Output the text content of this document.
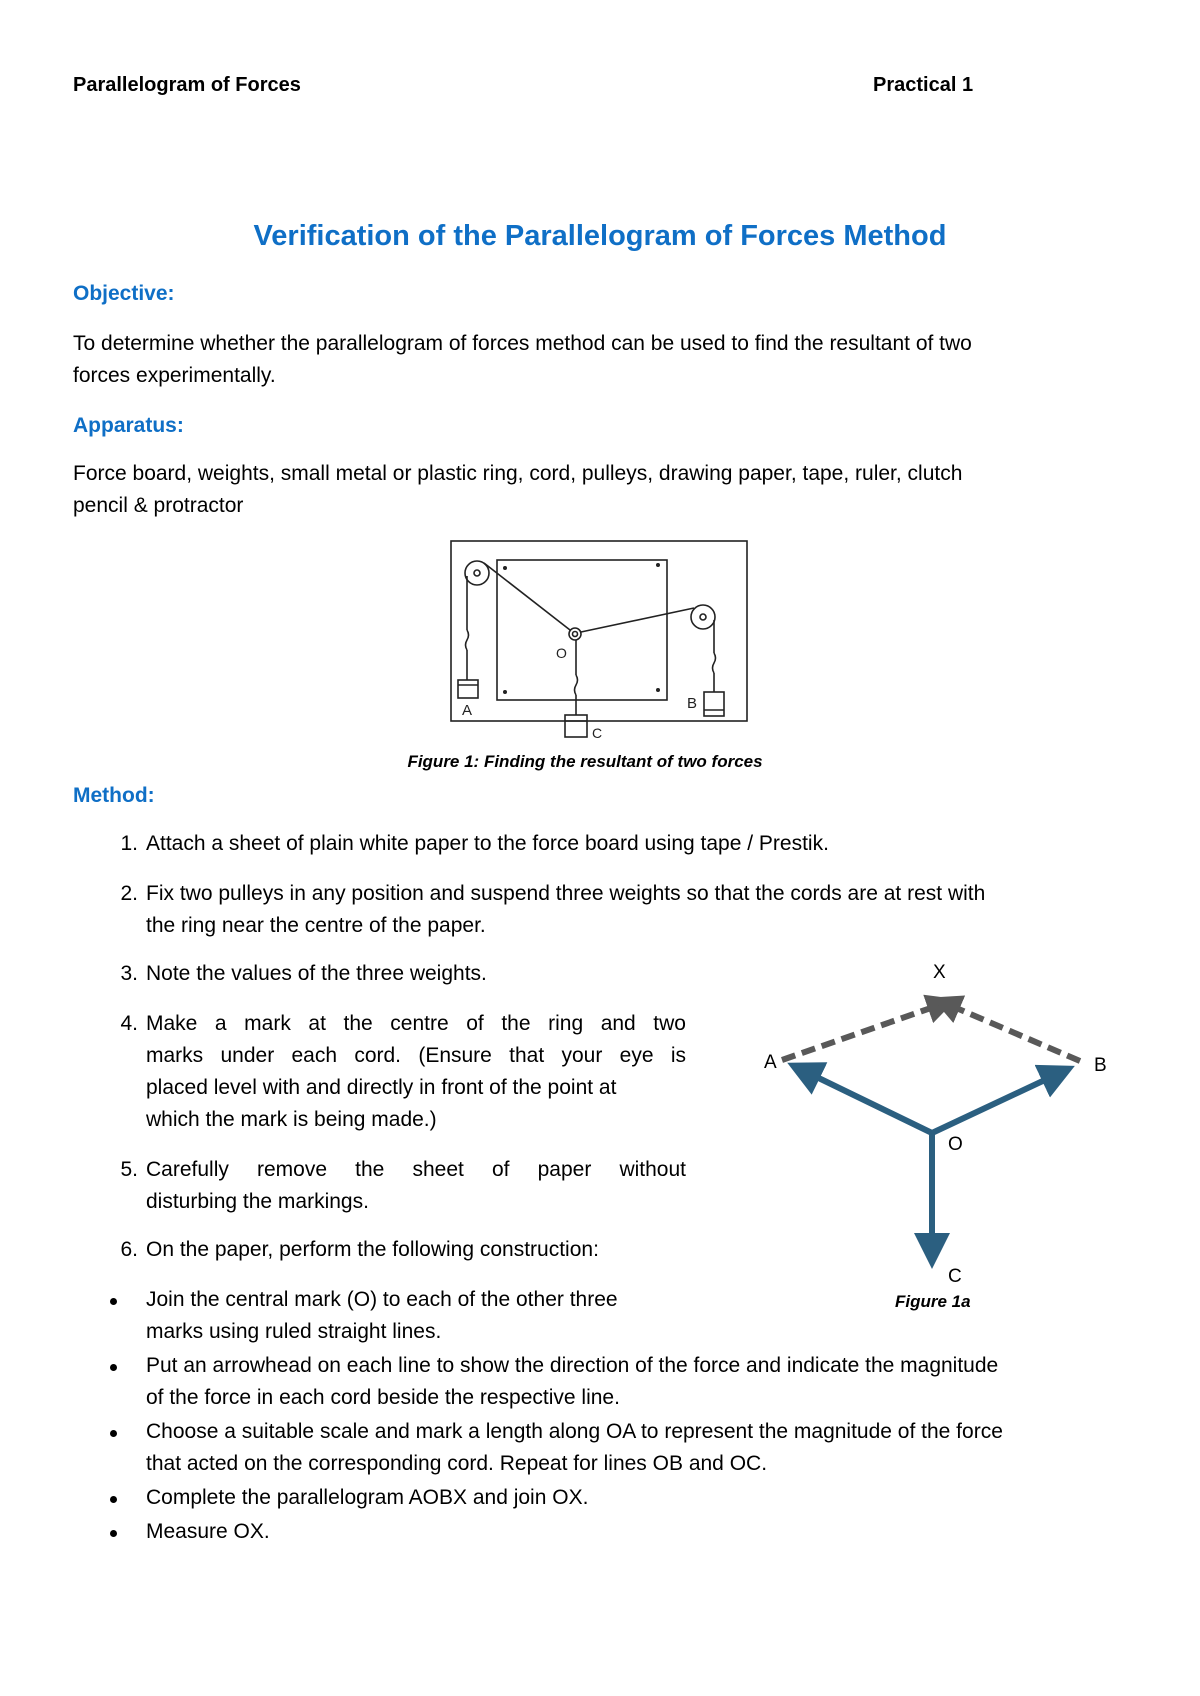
Parallelogram of Forces	Practical 1
Verification of the Parallelogram of Forces Method
Objective:
To determine whether the parallelogram of forces method can be used to find the resultant of two
forces experimentally.
Apparatus:
Force board, weights, small metal or plastic ring, cord, pulleys, drawing paper, tape, ruler, clutch
pencil & protractor
O
A	B
C
Figure 1: Finding the resultant of two forces
Method:
1. Attach a sheet of plain white paper to the force board using tape / Prestik.
2. Fix two pulleys in any position and suspend three weights so that the cords are at rest with
the ring near the centre of the paper.
3. Note the values of the three weights.
4. Make a mark at the centre of the ring and two
marks under each cord. (Ensure that your eye is
placed level with and directly in front of the point at
which the mark is being made.)
5. Carefully remove the sheet of paper without
disturbing the markings.
6. On the paper, perform the following construction:
Join the central mark (O) to each of the other three
marks using ruled straight lines.
Put an arrowhead on each line to show the direction of the force and indicate the magnitude
of the force in each cord beside the respective line.
Choose a suitable scale and mark a length along OA to represent the magnitude of the force
that acted on the corresponding cord. Repeat for lines OB and OC.
Complete the parallelogram AOBX and join OX.
Measure OX.
X
A	B
O
C
Figure 1a
